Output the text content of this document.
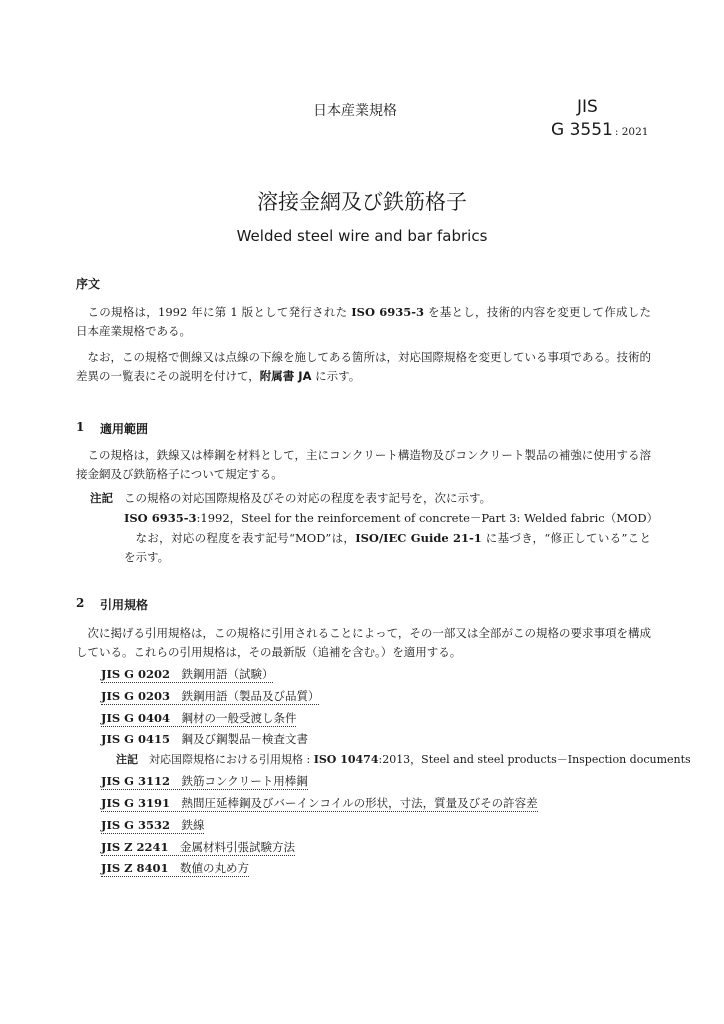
日本産業規格	JIS
G 3551 : 2021
溶接金網及び鉄筋格子
Welded steel wire and bar fabrics
序文
この規格は，1992 年に第 1 版として発行された ISO 6935-3 を基とし，技術的内容を変更して作成した日本産業規格である。
なお，この規格で側線又は点線の下線を施してある箇所は，対応国際規格を変更している事項である。技術的差異の一覧表にその説明を付けて，附属書 JA に示す。
1 適用範囲
この規格は，鉄線又は棒鋼を材料として，主にコンクリート構造物及びコンクリート製品の補強に使用する溶接金網及び鉄筋格子について規定する。
注記 この規格の対応国際規格及びその対応の程度を表す記号を，次に示す。
ISO 6935-3:1992，Steel for the reinforcement of concrete－Part 3: Welded fabric（MOD）
なお，対応の程度を表す記号“MOD”は，ISO/IEC Guide 21-1 に基づき，“修正している”ことを示す。
2 引用規格
次に掲げる引用規格は，この規格に引用されることによって，その一部又は全部がこの規格の要求事項を構成している。これらの引用規格は，その最新版（追補を含む。）を適用する。
JIS G 0202　 鉄鋼用語（試験）
JIS G 0203　 鉄鋼用語（製品及び品質）
JIS G 0404　 鋼材の一般受渡し条件
JIS G 0415　 鋼及び鋼製品－検査文書
注記　 対応国際規格における引用規格 : ISO 10474:2013，Steel and steel products－Inspection documents
JIS G 3112　 鉄筋コンクリート用棒鋼
JIS G 3191　 熱間圧延棒鋼及びバーインコイルの形状，寸法，質量及びその許容差
JIS G 3532　 鉄線
JIS Z 2241　 金属材料引張試験方法
JIS Z 8401　 数値の丸め方
